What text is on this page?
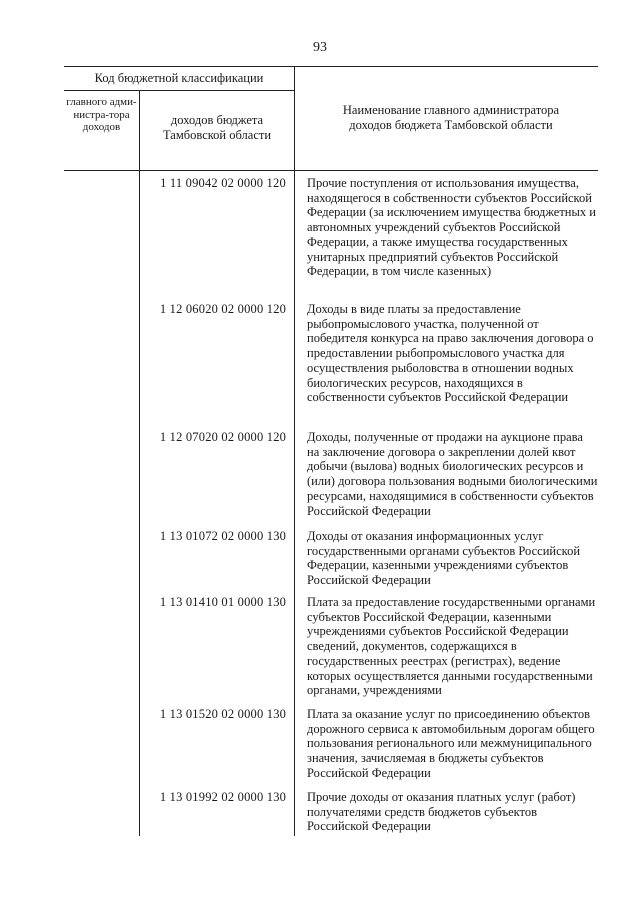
93
Код бюджетной классификации
главного адми-нистра-тора доходов	доходов бюджета Тамбовской области
Наименование главного администратора доходов бюджета Тамбовской области
1 11 09042 02 0000 120	Прочие поступления от использования имущества, находящегося в собственности субъектов Российской Федерации (за исключением имущества бюджетных и автономных учреждений субъектов Российской Федерации, а также имущества государственных унитарных предприятий субъектов Российской Федерации, в том числе казенных)
1 12 06020 02 0000 120	Доходы в виде платы за предоставление рыбопромыслового участка, полученной от победителя конкурса на право заключения договора о предоставлении рыбопромыслового участка для осуществления рыболовства в отношении водных биологических ресурсов, находящихся в собственности субъектов Российской Федерации
1 12 07020 02 0000 120	Доходы, полученные от продажи на аукционе права на заключение договора о закреплении долей квот добычи (вылова) водных биологических ресурсов и (или) договора пользования водными биологическими ресурсами, находящимися в собственности субъектов Российской Федерации
1 13 01072 02 0000 130	Доходы от оказания информационных услуг государственными органами субъектов Российской Федерации, казенными учреждениями субъектов Российской Федерации
1 13 01410 01 0000 130	Плата за предоставление государственными органами субъектов Российской Федерации, казенными учреждениями субъектов Российской Федерации сведений, документов, содержащихся в государственных реестрах (регистрах), ведение которых осуществляется данными государственными органами, учреждениями
1 13 01520 02 0000 130	Плата за оказание услуг по присоединению объектов дорожного сервиса к автомобильным дорогам общего пользования регионального или межмуниципального значения, зачисляемая в бюджеты субъектов Российской Федерации
1 13 01992 02 0000 130	Прочие доходы от оказания платных услуг (работ) получателями средств бюджетов субъектов Российской Федерации
